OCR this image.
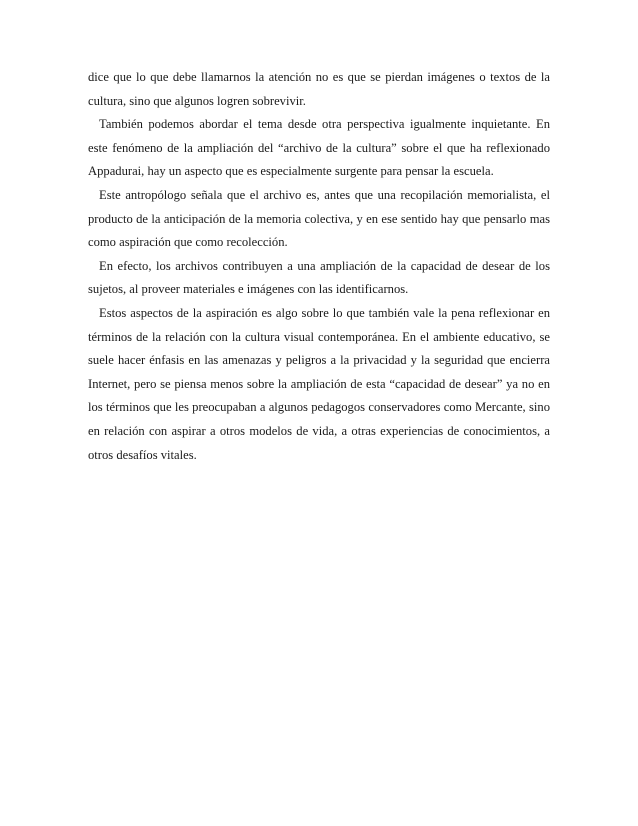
dice que lo que debe llamarnos la atención no es que se pierdan imágenes o textos de la
cultura, sino que algunos logren sobrevivir.
También podemos abordar el tema desde otra perspectiva igualmente inquietante. En
este fenómeno de la ampliación del “archivo de la cultura” sobre el que ha reflexionado
Appadurai, hay un aspecto que es especialmente surgente para pensar la escuela.
Este antropólogo señala que el archivo es, antes que una recopilación memorialista, el
producto de la anticipación de la memoria colectiva, y en ese sentido hay que pensarlo mas
como aspiración que como recolección.
En efecto, los archivos contribuyen a una ampliación de la capacidad de desear de los
sujetos, al proveer materiales e imágenes con las identificarnos.
Estos aspectos de la aspiración es algo sobre lo que también vale la pena reflexionar en
términos de la relación con la cultura visual contemporánea. En el ambiente educativo, se
suele hacer énfasis en las amenazas y peligros a la privacidad y la seguridad que encierra
Internet, pero se piensa menos sobre la ampliación de esta “capacidad de desear” ya no en
los términos que les preocupaban a algunos pedagogos conservadores como Mercante, sino
en relación con aspirar a otros modelos de vida, a otras experiencias de conocimientos, a
otros desafíos vitales.
